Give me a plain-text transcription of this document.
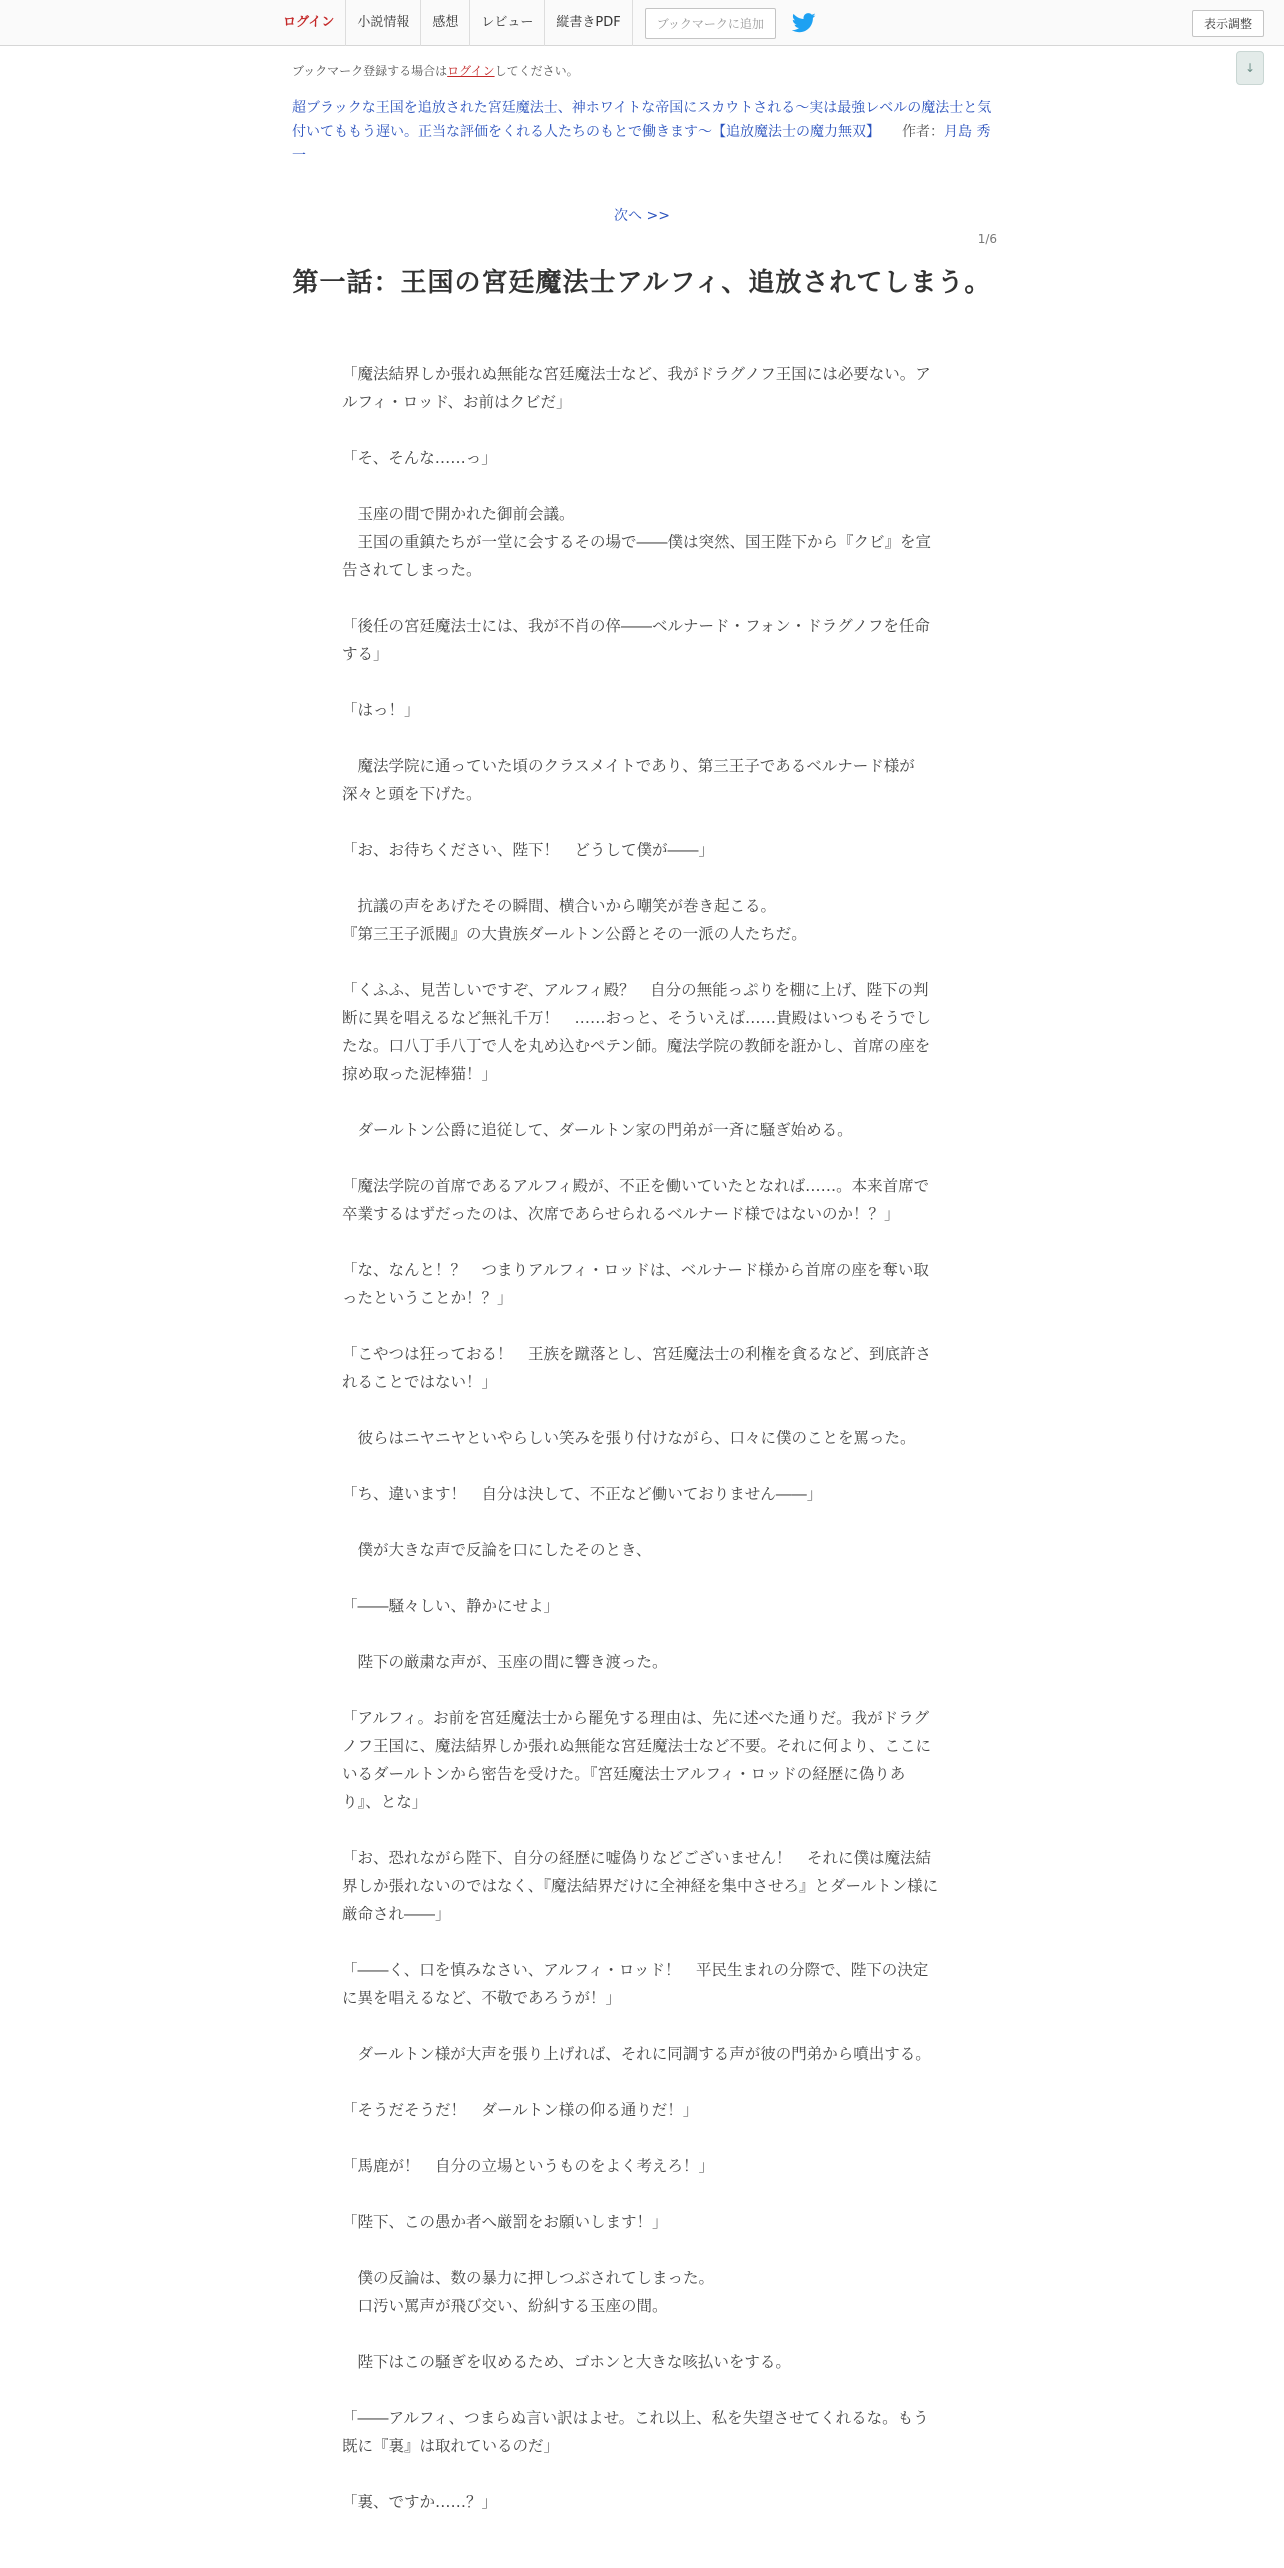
ログイン	小説情報	感想	レビュー	縦書きPDF	ブックマークに追加	表示調整
↓
ブックマーク登録する場合はログインしてください。
超ブラックな王国を追放された宮廷魔法士、神ホワイトな帝国にスカウトされる～実は最強レベルの魔法士と気付いてももう遅い。正当な評価をくれる人たちのもとで働きます～【追放魔法士の魔力無双】 作者：月島 秀一
次へ >>
1/6
第一話：王国の宮廷魔法士アルフィ、追放されてしまう。

「魔法結界しか張れぬ無能な宮廷魔法士など、我がドラグノフ王国には必要ない。アルフィ・ロッド、お前はクビだ」

「そ、そんな……っ」

　玉座の間で開かれた御前会議。
　王国の重鎮たちが一堂に会するその場で――僕は突然、国王陛下から『クビ』を宣告されてしまった。

「後任の宮廷魔法士には、我が不肖の倅――ベルナード・フォン・ドラグノフを任命する」

「はっ！」

　魔法学院に通っていた頃のクラスメイトであり、第三王子であるベルナード様が深々と頭を下げた。

「お、お待ちください、陛下！　どうして僕が――」

　抗議の声をあげたその瞬間、横合いから嘲笑が巻き起こる。
『第三王子派閥』の大貴族ダールトン公爵とその一派の人たちだ。

「くふふ、見苦しいですぞ、アルフィ殿？　自分の無能っぷりを棚に上げ、陛下の判断に異を唱えるなど無礼千万！　……おっと、そういえば……貴殿はいつもそうでしたな。口八丁手八丁で人を丸め込むペテン師。魔法学院の教師を誑かし、首席の座を掠め取った泥棒猫！」

　ダールトン公爵に追従して、ダールトン家の門弟が一斉に騒ぎ始める。

「魔法学院の首席であるアルフィ殿が、不正を働いていたとなれば……。本来首席で卒業するはずだったのは、次席であらせられるベルナード様ではないのか！？」

「な、なんと！？　つまりアルフィ・ロッドは、ベルナード様から首席の座を奪い取ったということか！？」

「こやつは狂っておる！　王族を蹴落とし、宮廷魔法士の利権を貪るなど、到底許されることではない！」

　彼らはニヤニヤといやらしい笑みを張り付けながら、口々に僕のことを罵った。

「ち、違います！　自分は決して、不正など働いておりません――」

　僕が大きな声で反論を口にしたそのとき、

「――騒々しい、静かにせよ」

　陛下の厳粛な声が、玉座の間に響き渡った。

「アルフィ。お前を宮廷魔法士から罷免する理由は、先に述べた通りだ。我がドラグノフ王国に、魔法結界しか張れぬ無能な宮廷魔法士など不要。それに何より、ここにいるダールトンから密告を受けた。『宮廷魔法士アルフィ・ロッドの経歴に偽りあり』、とな」

「お、恐れながら陛下、自分の経歴に嘘偽りなどございません！　それに僕は魔法結界しか張れないのではなく、『魔法結界だけに全神経を集中させろ』とダールトン様に厳命され――」

「――く、口を慎みなさい、アルフィ・ロッド！　平民生まれの分際で、陛下の決定に異を唱えるなど、不敬であろうが！」

　ダールトン様が大声を張り上げれば、それに同調する声が彼の門弟から噴出する。

「そうだそうだ！　ダールトン様の仰る通りだ！」

「馬鹿が！　自分の立場というものをよく考えろ！」

「陛下、この愚か者へ厳罰をお願いします！」

　僕の反論は、数の暴力に押しつぶされてしまった。
　口汚い罵声が飛び交い、紛糾する玉座の間。

　陛下はこの騒ぎを収めるため、ゴホンと大きな咳払いをする。

「――アルフィ、つまらぬ言い訳はよせ。これ以上、私を失望させてくれるな。もう既に『裏』は取れているのだ」

「裏、ですか……？」
